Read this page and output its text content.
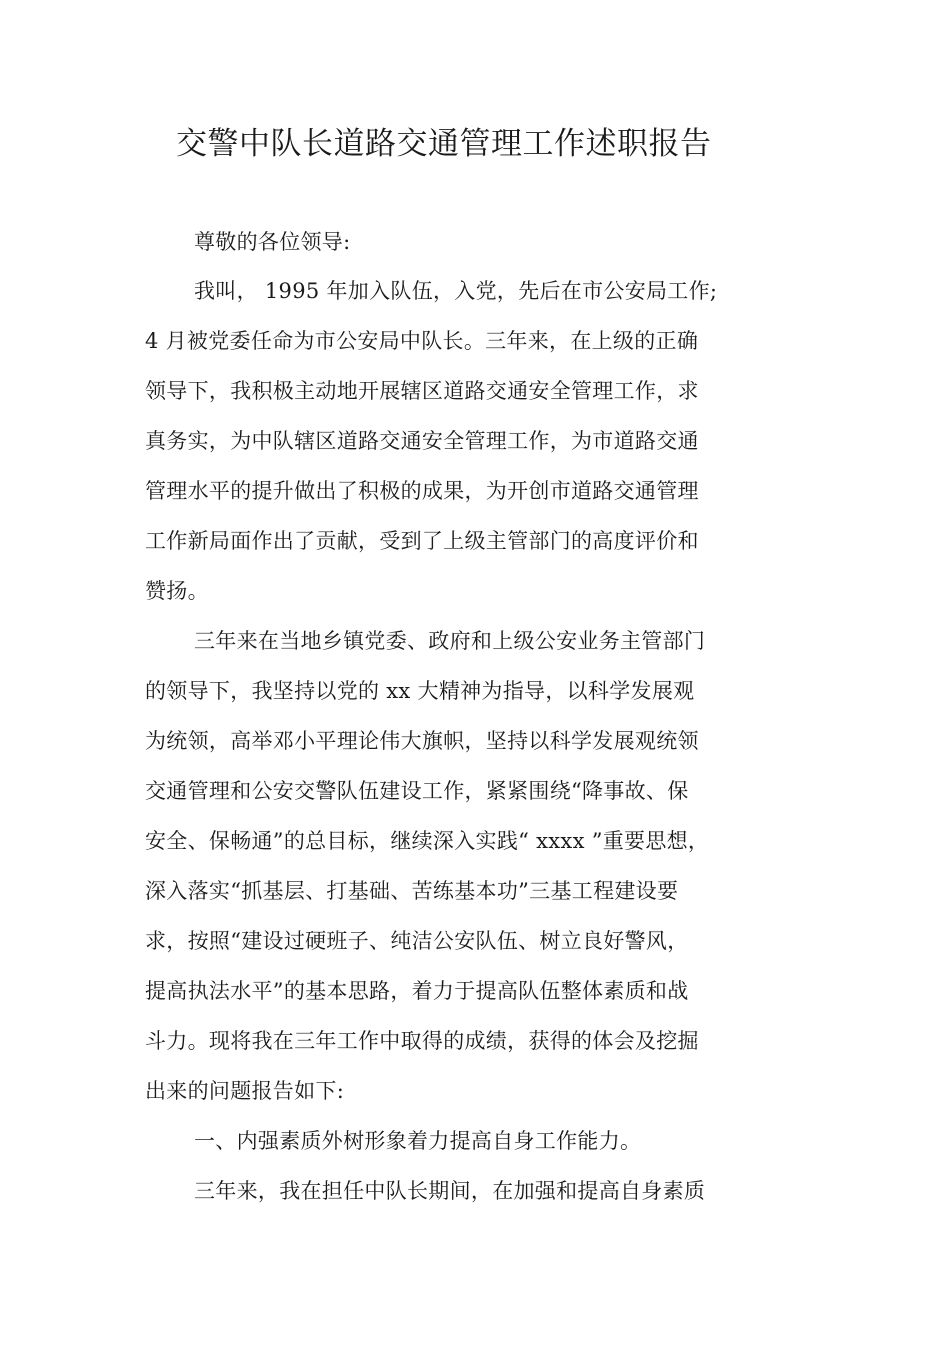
交警中队长道路交通管理工作述职报告
尊敬的各位领导:
我叫， 1995 年加入队伍，入党，先后在市公安局工作;
4 月被党委任命为市公安局中队长。三年来，在上级的正确
领导下，我积极主动地开展辖区道路交通安全管理工作，求
真务实，为中队辖区道路交通安全管理工作，为市道路交通
管理水平的提升做出了积极的成果，为开创市道路交通管理
工作新局面作出了贡献，受到了上级主管部门的高度评价和
赞扬。
三年来在当地乡镇党委、政府和上级公安业务主管部门
的领导下，我坚持以党的 xx 大精神为指导，以科学发展观
为统领，高举邓小平理论伟大旗帜，坚持以科学发展观统领
交通管理和公安交警队伍建设工作，紧紧围绕“降事故、保
安全、保畅通”的总目标，继续深入实践“ xxxx ”重要思想，
深入落实“抓基层、打基础、苦练基本功”三基工程建设要
求，按照“建设过硬班子、纯洁公安队伍、树立良好警风，
提高执法水平”的基本思路，着力于提高队伍整体素质和战
斗力。现将我在三年工作中取得的成绩，获得的体会及挖掘
出来的问题报告如下:
一、内强素质外树形象着力提高自身工作能力。
三年来，我在担任中队长期间，在加强和提高自身素质
